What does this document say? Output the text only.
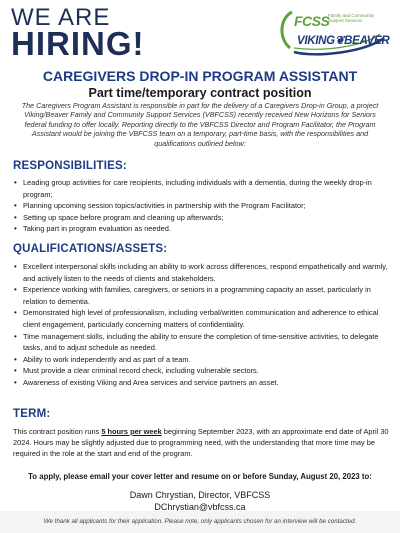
WE ARE
HIRING!
FCSS
Family and Community Support Services
VIKING❦BEAVER
CAREGIVERS DROP-IN PROGRAM ASSISTANT
Part time/temporary contract position
The Caregivers Program Assistant is responsible in part for the delivery of a Caregivers Drop-in Group, a project Viking/Beaver Family and Community Support Services (VBFCSS) recently received New Horizons for Seniors federal funding to offer locally. Reporting directly to the VBFCSS Director and Program Facilitator, the Program Assistant would be joining the VBFCSS team on a temporary, part-time basis, with the responsibilities and qualifications outlined below:
RESPONSIBILITIES:
• Leading group activities for care recipients, including individuals with a dementia, during the weekly drop-in program;
• Planning upcoming session topics/activities in partnership with the Program Facilitator;
• Setting up space before program and cleaning up afterwards;
• Taking part in program evaluation as needed.
QUALIFICATIONS/ASSETS:
• Excellent interpersonal skills including an ability to work across differences, respond empathetically and warmly, and actively listen to the needs of clients and stakeholders.
• Experience working with families, caregivers, or seniors in a programming capacity an asset, particularly in relation to dementia.
• Demonstrated high level of professionalism, including verbal/written communication and adherence to ethical client engagement, particularly concerning matters of confidentiality.
• Time management skills, including the ability to ensure the completion of time-sensitive activities, to delegate tasks, and to adjust schedule as needed.
• Ability to work independently and as part of a team.
• Must provide a clear criminal record check, including vulnerable sectors.
• Awareness of existing Viking and Area services and service partners an asset.
TERM:
This contract position runs 5 hours per week beginning September 2023, with an approximate end date of April 30 2024. Hours may be slightly adjusted due to programming need, with the understanding that more time may be required in the role at the start and end of the program.
To apply, please email your cover letter and resume on or before Sunday, August 20, 2023 to:
Dawn Chrystian, Director, VBFCSS
DChrystian@vbfcss.ca
We thank all applicants for their application. Please note, only applicants chosen for an interview will be contacted.
